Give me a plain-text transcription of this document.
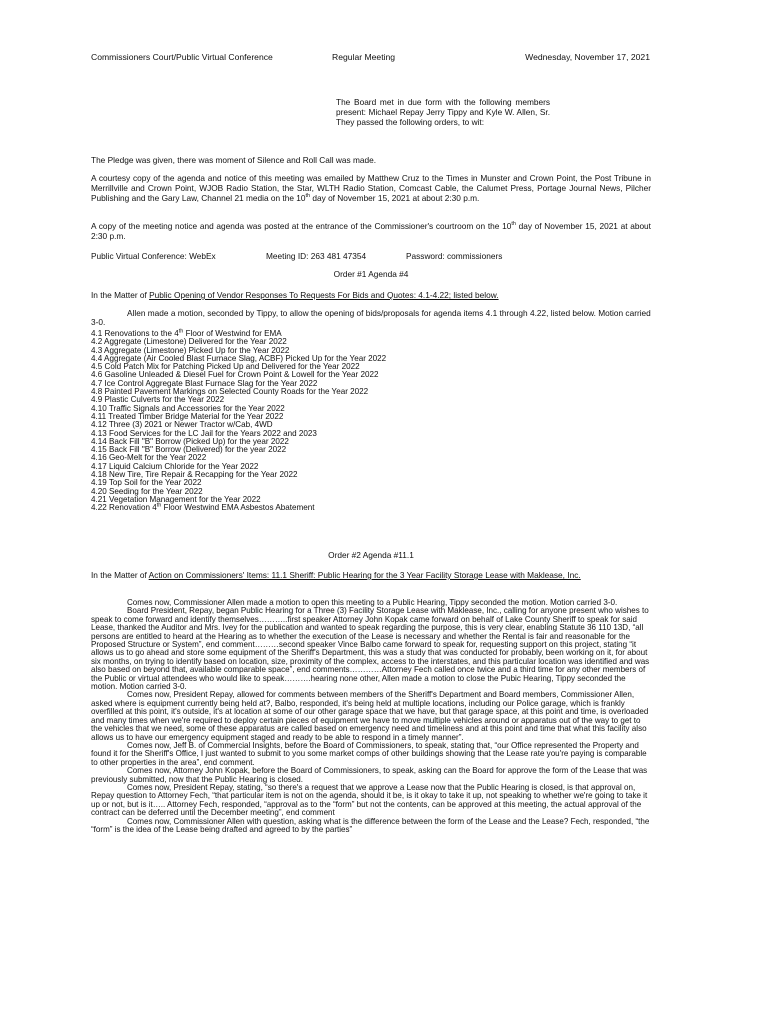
Commissioners Court/Public Virtual Conference	Regular Meeting	Wednesday, November 17, 2021
The Board met in due form with the following members present: Michael Repay Jerry Tippy and Kyle W. Allen, Sr. They passed the following orders, to wit:
The Pledge was given, there was moment of Silence and Roll Call was made.
A courtesy copy of the agenda and notice of this meeting was emailed by Matthew Cruz to the Times in Munster and Crown Point, the Post Tribune in Merrillville and Crown Point, WJOB Radio Station, the Star, WLTH Radio Station, Comcast Cable, the Calumet Press, Portage Journal News, Pilcher Publishing and the Gary Law, Channel 21 media on the 10th day of November 15, 2021 at about 2:30 p.m.
A copy of the meeting notice and agenda was posted at the entrance of the Commissioner's courtroom on the 10th day of November 15, 2021 at about 2:30 p.m.
Public Virtual Conference: WebEx	Meeting ID: 263 481 47354	Password: commissioners
Order #1 Agenda #4
In the Matter of Public Opening of Vendor Responses To Requests For Bids and Quotes: 4.1-4.22; listed below.
Allen made a motion, seconded by Tippy, to allow the opening of bids/proposals for agenda items 4.1 through 4.22, listed below. Motion carried 3-0.
4.1 Renovations to the 4th Floor of Westwind for EMA
4.2 Aggregate (Limestone) Delivered for the Year 2022
4.3 Aggregate (Limestone) Picked Up for the Year 2022
4.4 Aggregate (Air Cooled Blast Furnace Slag, ACBF) Picked Up for the Year 2022
4.5 Cold Patch Mix for Patching Picked Up and Delivered for the Year 2022
4.6 Gasoline Unleaded & Diesel Fuel for Crown Point & Lowell for the Year 2022
4.7 Ice Control Aggregate Blast Furnace Slag for the Year 2022
4.8 Painted Pavement Markings on Selected County Roads for the Year 2022
4.9 Plastic Culverts for the Year 2022
4.10 Traffic Signals and Accessories for the Year 2022
4.11 Treated Timber Bridge Material for the Year 2022
4.12 Three (3) 2021 or Newer Tractor w/Cab, 4WD
4.13 Food Services for the LC Jail for the Years 2022 and 2023
4.14 Back Fill "B" Borrow (Picked Up) for the year 2022
4.15 Back Fill "B" Borrow (Delivered) for the year 2022
4.16 Geo-Melt for the Year 2022
4.17 Liquid Calcium Chloride for the Year 2022
4.18 New Tire, Tire Repair & Recapping for the Year 2022
4.19 Top Soil for the Year 2022
4.20 Seeding for the Year 2022
4.21 Vegetation Management for the Year 2022
4.22 Renovation 4th Floor Westwind EMA Asbestos Abatement
Order #2 Agenda #11.1
In the Matter of Action on Commissioners' Items: 11.1 Sheriff: Public Hearing for the 3 Year Facility Storage Lease with Maklease, Inc.

Comes now, Commissioner Allen made a motion to open this meeting to a Public Hearing, Tippy seconded the motion. Motion carried 3-0.

Board President, Repay, began Public Hearing for a Three (3) Facility Storage Lease with Maklease, Inc., calling for anyone present who wishes to speak to come forward and identify themselves………..first speaker Attorney John Kopak came forward on behalf of Lake County Sheriff to speak for said Lease, thanked the Auditor and Mrs. Ivey for the publication and wanted to speak regarding the purpose, this is very clear, enabling Statute 36 110 13D, “all persons are entitled to heard at the Hearing as to whether the execution of the Lease is necessary and whether the Rental is fair and reasonable for the Proposed Structure or System”, end comment………second speaker Vince Balbo came forward to speak for, requesting support on this project, stating “it allows us to go ahead and store some equipment of the Sheriff's Department, this was a study that was conducted for probably, been working on it, for about six months, on trying to identify based on location, size, proximity of the complex, access to the interstates, and this particular location was identified and was also based on beyond that, available comparable space”, end comments…………Attorney Fech called once twice and a third time for any other members of the Public or virtual attendees who would like to speak……….hearing none other, Allen made a motion to close the Pubic Hearing, Tippy seconded the motion. Motion carried 3-0.

Comes now, President Repay, allowed for comments between members of the Sheriff's Department and Board members, Commissioner Allen, asked where is equipment currently being held at?, Balbo, responded, it's being held at multiple locations, including our Police garage, which is frankly overfilled at this point, it's outside, it's at location at some of our other garage space that we have, but that garage space, at this point and time, is overloaded and many times when we're required to deploy certain pieces of equipment we have to move multiple vehicles around or apparatus out of the way to get to the vehicles that we need, some of these apparatus are called based on emergency need and timeliness and at this point and time that what this facility also allows us to have our emergency equipment staged and ready to be able to respond in a timely manner”.

Comes now, Jeff B. of Commercial Insights, before the Board of Commissioners, to speak, stating that, “our Office represented the Property and found it for the Sheriff's Office, I just wanted to submit to you some market comps of other buildings showing that the Lease rate you're paying is comparable to other properties in the area”, end comment.

Comes now, Attorney John Kopak, before the Board of Commissioners, to speak, asking can the Board for approve the form of the Lease that was previously submitted, now that the Public Hearing is closed.

Comes now, President Repay, stating, “so there's a request that we approve a Lease now that the Public Hearing is closed, is that approval on, Repay question to Attorney Fech, “that particular item is not on the agenda, should it be, is it okay to take it up, not speaking to whether we're going to take it up or not, but is it….. Attorney Fech, responded, “approval as to the “form” but not the contents, can be approved at this meeting, the actual approval of the contract can be deferred until the December meeting”, end comment

Comes now, Commissioner Allen with question, asking what is the difference between the form of the Lease and the Lease? Fech, responded, “the “form” is the idea of the Lease being drafted and agreed to by the parties”
